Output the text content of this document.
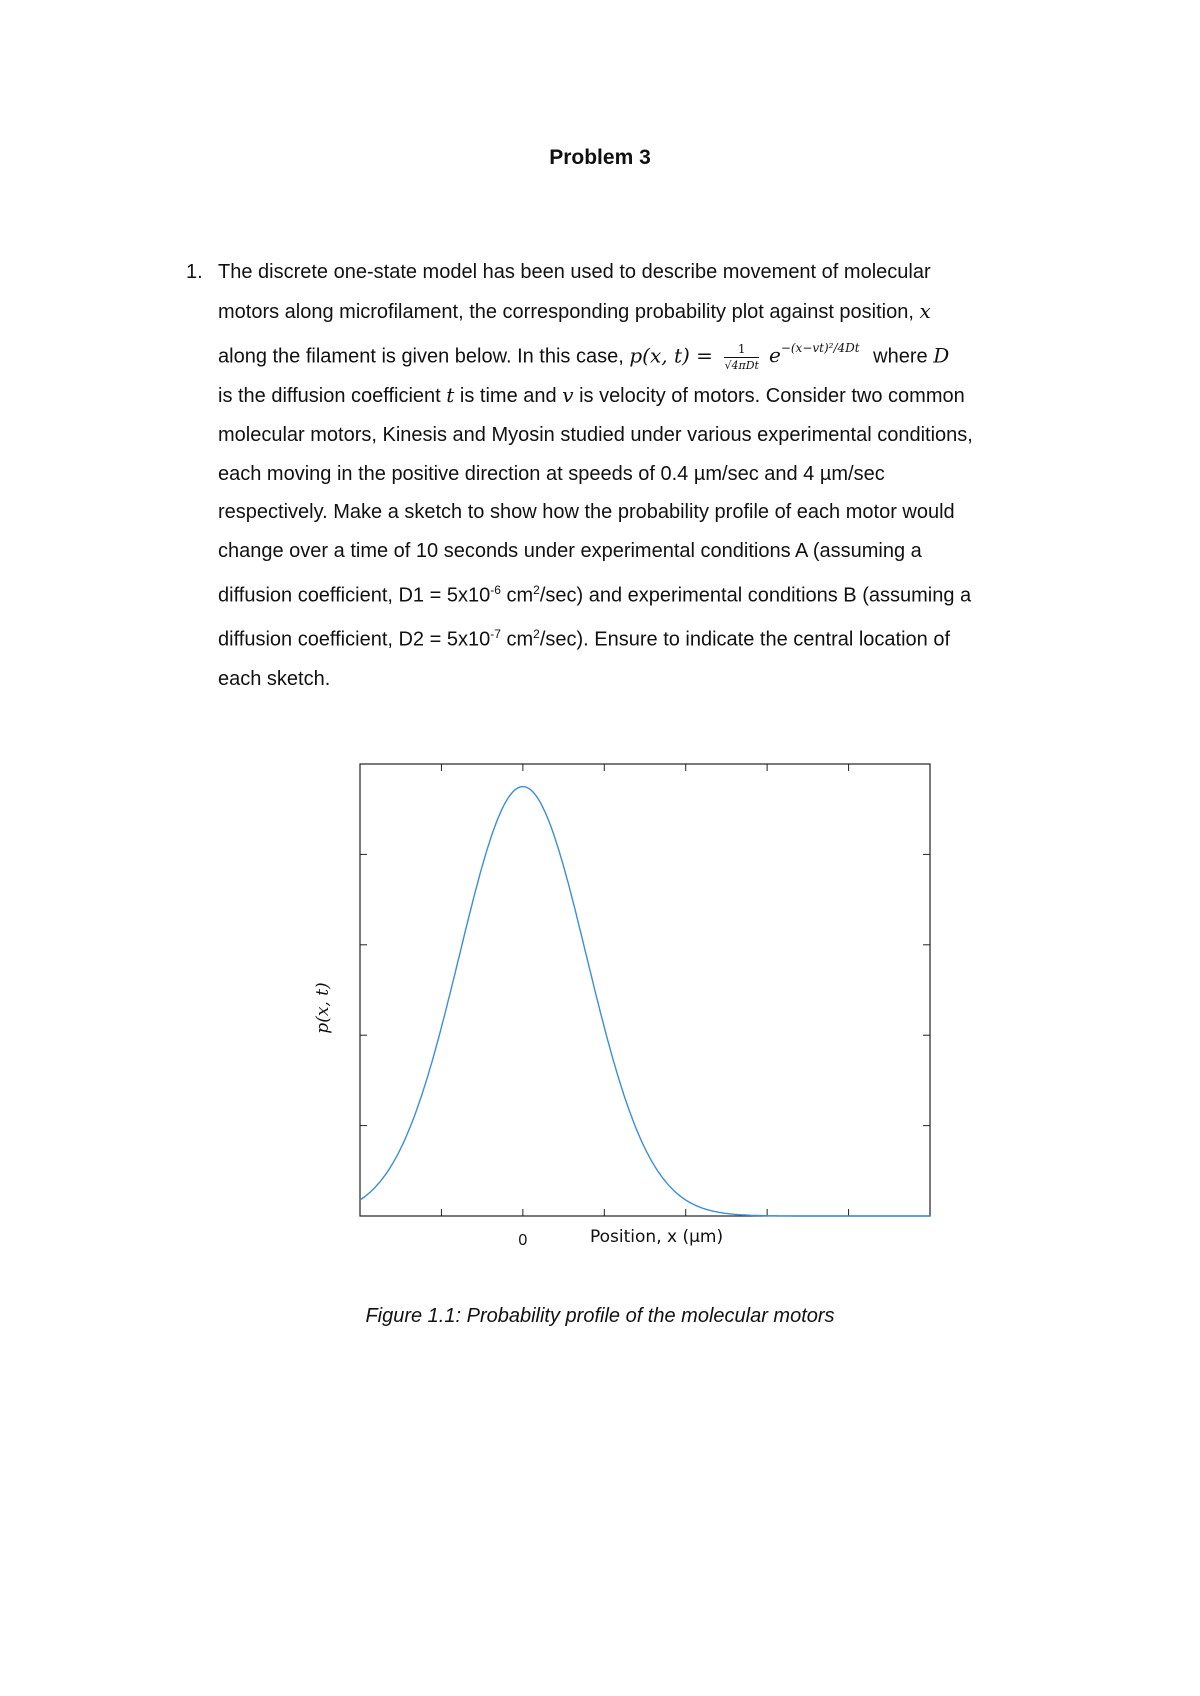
Problem 3
1. The discrete one-state model has been used to describe movement of molecular
motors along microfilament, the corresponding probability plot against position, x
along the filament is given below. In this case, p(x, $t) = \frac{1}{\text{√4πDt}} e^{-(x-vt)^2/4Dt}$ where D
is the diffusion coefficient t is time and v is velocity of motors. Consider two common
molecular motors, Kinesis and Myosin studied under various experimental conditions,
each moving in the positive direction at speeds of 0.4 µm/sec and 4 µm/sec
respectively. Make a sketch to show how the probability profile of each motor would
change over a time of 10 seconds under experimental conditions A (assuming a
diffusion coefficient, $D1 = 5x10^{-6}$ $cm^2/\sec$) and experimental conditions B (assuming a
diffusion coefficient, $D2 = 5x10^{-7}$ $cm^2/\sec$). Ensure to indicate the central location of
each sketch.
0	Position, x (µm)
p(x, t)
Figure 1.1: Probability profile of the molecular motors
